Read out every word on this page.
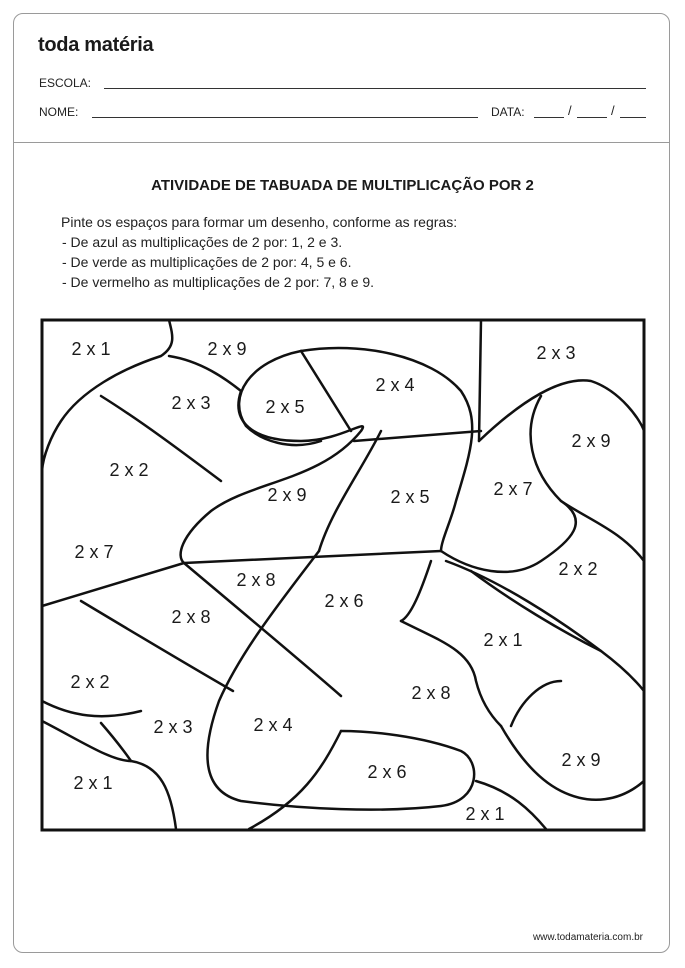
toda matéria
ESCOLA:
NOME:	DATA:	/	/
ATIVIDADE DE TABUADA DE MULTIPLICAÇÃO POR 2
Pinte os espaços para formar um desenho, conforme as regras:
- De azul as multiplicações de 2 por: 1, 2 e 3.
- De verde as multiplicações de 2 por: 4, 5 e 6.
- De vermelho as multiplicações de 2 por: 7, 8 e 9.
2 x 1	2 x 9	2 x 3
2 x 3	2 x 5
2 x 4
2 x 9
2 x 2
2 x 9	2 x 5	2 x 7
2 x 7
2 x 8
2 x 2
2 x 6
2 x 8
2 x 1
2 x 2
2 x 8
2 x 3	2 x 4
2 x 9
2 x 1
2 x 6
2 x 1
www.todamateria.com.br
